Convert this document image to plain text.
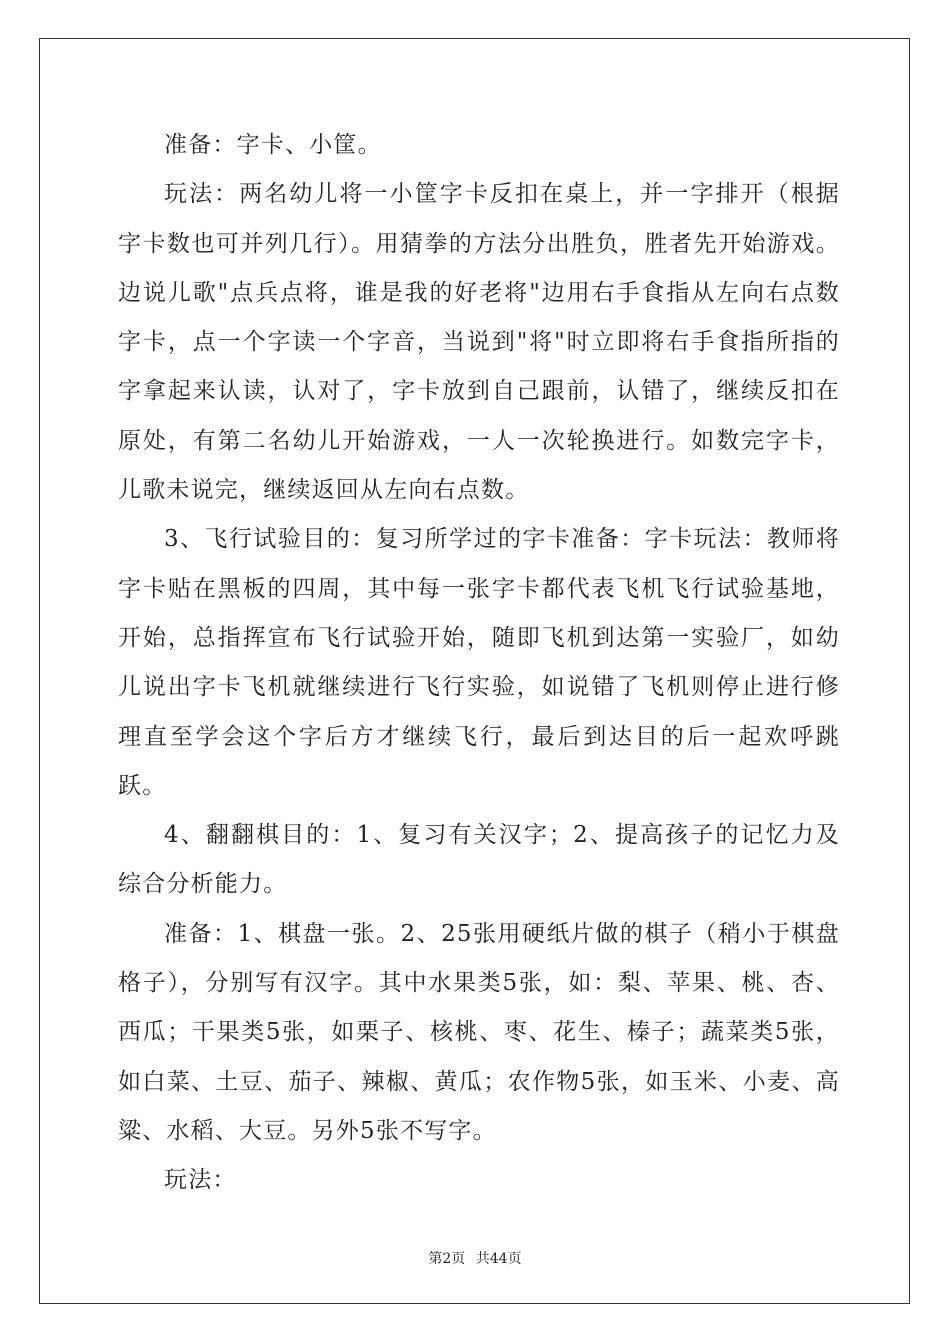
准备：字卡、小筐。

玩法：两名幼儿将一小筐字卡反扣在桌上，并一字排开（根据字卡数也可并列几行）。用猜拳的方法分出胜负，胜者先开始游戏。边说儿歌"点兵点将，谁是我的好老将"边用右手食指从左向右点数字卡，点一个字读一个字音，当说到"将"时立即将右手食指所指的字拿起来认读，认对了，字卡放到自己跟前，认错了，继续反扣在原处，有第二名幼儿开始游戏，一人一次轮换进行。如数完字卡，儿歌未说完，继续返回从左向右点数。

3、飞行试验目的：复习所学过的字卡准备：字卡玩法：教师将字卡贴在黑板的四周，其中每一张字卡都代表飞机飞行试验基地，开始，总指挥宣布飞行试验开始，随即飞机到达第一实验厂，如幼儿说出字卡飞机就继续进行飞行实验，如说错了飞机则停止进行修理直至学会这个字后方才继续飞行，最后到达目的后一起欢呼跳跃。

4、翻翻棋目的：1、复习有关汉字；2、提高孩子的记忆力及综合分析能力。

准备：1、棋盘一张。2、25张用硬纸片做的棋子（稍小于棋盘格子），分别写有汉字。其中水果类5张，如：梨、苹果、桃、杏、西瓜；干果类5张，如栗子、核桃、枣、花生、榛子；蔬菜类5张，如白菜、土豆、茄子、辣椒、黄瓜；农作物5张，如玉米、小麦、高粱、水稻、大豆。另外5张不写字。

玩法：

第2页 共44页
